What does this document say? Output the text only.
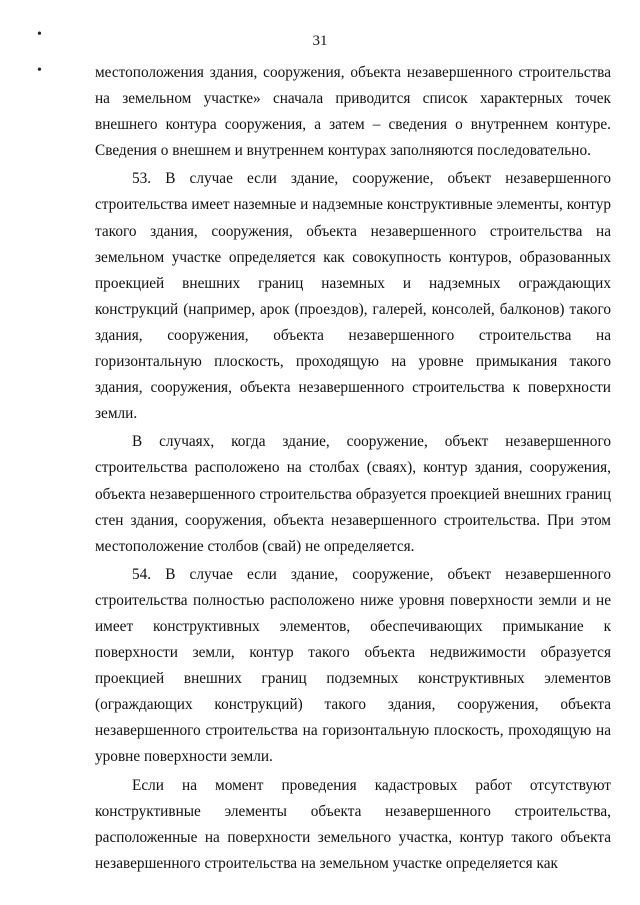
31
•
•	местоположения здания, сооружения, объекта незавершенного строительства на земельном участке» сначала приводится список характерных точек внешнего контура сооружения, а затем – сведения о внутреннем контуре. Сведения о внешнем и внутреннем контурах заполняются последовательно.

53. В случае если здание, сооружение, объект незавершенного строительства имеет наземные и надземные конструктивные элементы, контур такого здания, сооружения, объекта незавершенного строительства на земельном участке определяется как совокупность контуров, образованных проекцией внешних границ наземных и надземных ограждающих конструкций (например, арок (проездов), галерей, консолей, балконов) такого здания, сооружения, объекта незавершенного строительства на горизонтальную плоскость, проходящую на уровне примыкания такого здания, сооружения, объекта незавершенного строительства к поверхности земли.

В случаях, когда здание, сооружение, объект незавершенного строительства расположено на столбах (сваях), контур здания, сооружения, объекта незавершенного строительства образуется проекцией внешних границ стен здания, сооружения, объекта незавершенного строительства. При этом местоположение столбов (свай) не определяется.

54. В случае если здание, сооружение, объект незавершенного строительства полностью расположено ниже уровня поверхности земли и не имеет конструктивных элементов, обеспечивающих примыкание к поверхности земли, контур такого объекта недвижимости образуется проекцией внешних границ подземных конструктивных элементов (ограждающих конструкций) такого здания, сооружения, объекта незавершенного строительства на горизонтальную плоскость, проходящую на уровне поверхности земли.

Если на момент проведения кадастровых работ отсутствуют конструктивные элементы объекта незавершенного строительства, расположенные на поверхности земельного участка, контур такого объекта незавершенного строительства на земельном участке определяется как
